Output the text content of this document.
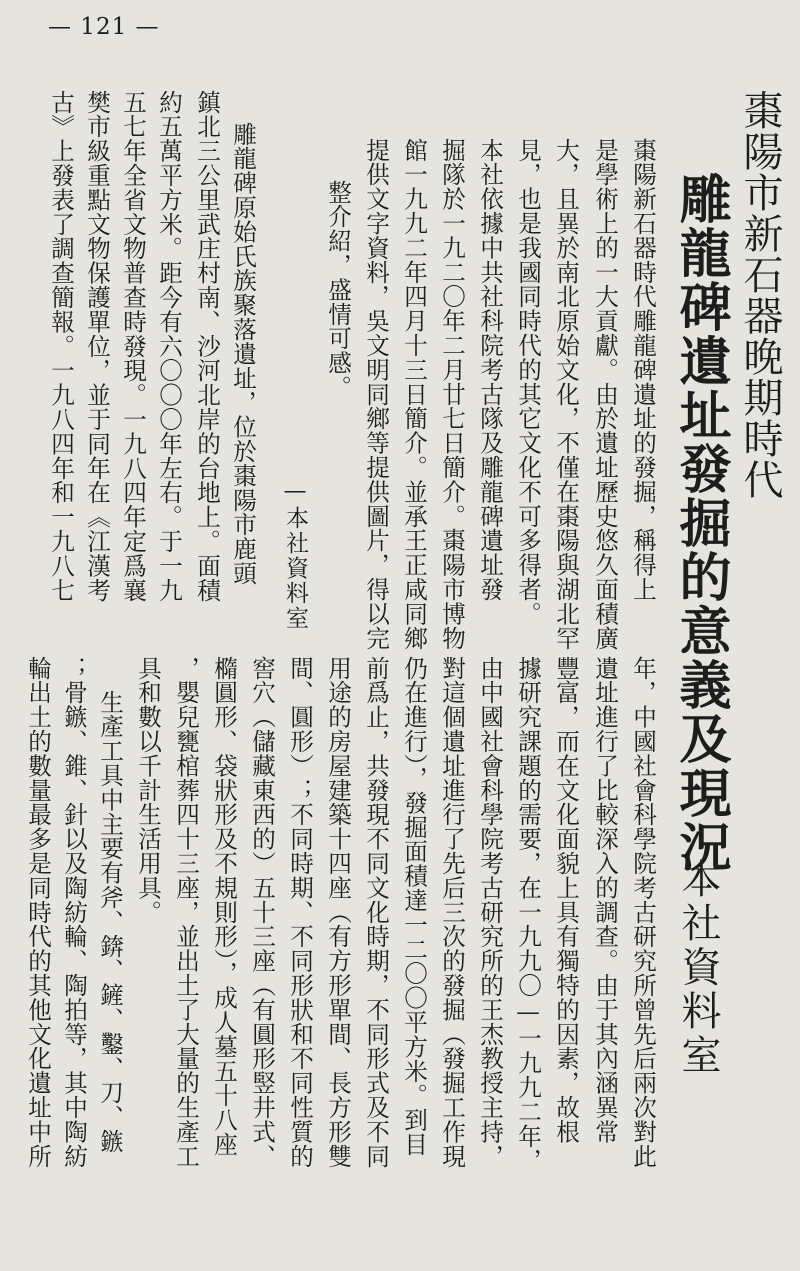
— 121 —
棗陽市新石器晚期時代
雕龍碑遺址發掘的意義及現況
本社資料室
棗陽新石器時代雕龍碑遺址的發掘，稱得上
是學術上的一大貢獻。由於遺址歷史悠久面積廣
大，且異於南北原始文化，不僅在棗陽與湖北罕
見，也是我國同時代的其它文化不可多得者。
本社依據中共社科院考古隊及雕龍碑遺址發
掘隊於一九二〇年二月廿七日簡介。棗陽市博物
館一九九二年四月十三日簡介。並承王正咸同鄉
提供文字資料，吳文明同鄉等提供圖片，得以完
整介紹，盛情可感。
—本社資料室
雕龍碑原始氏族聚落遺址，位於棗陽市鹿頭
鎮北三公里武庄村南、沙河北岸的台地上。面積
約五萬平方米。距今有六〇〇〇年左右。于一九
五七年全省文物普查時發現。一九八四年定爲襄
樊市級重點文物保護單位，並于同年在《江漢考
古》上發表了調查簡報。一九八四年和一九八七
年，中國社會科學院考古研究所曾先后兩次對此
遺址進行了比較深入的調查。由于其內涵異常
豐富，而在文化面貌上具有獨特的因素，故根
據研究課題的需要，在一九九〇—一九九二年，
由中國社會科學院考古研究所的王杰教授主持，
對這個遺址進行了先后三次的發掘（發掘工作現
仍在進行），發掘面積達一二〇〇平方米。到目
前爲止，共發現不同文化時期，不同形式及不同
用途的房屋建築十四座（有方形單間、長方形雙
間、圓形）；不同時期、不同形狀和不同性質的
窖穴（儲藏東西的）五十三座（有圓形竪井式、
橢圓形、袋狀形及不規則形），成人墓五十八座
，嬰兒甕棺葬四十三座，並出土了大量的生產工
具和數以千計生活用具。
生產工具中主要有斧、錛、鏟、鑿、刀、鏃
；骨鏃、錐、針以及陶紡輪、陶拍等，其中陶紡
輪出土的數量最多是同時代的其他文化遺址中所
